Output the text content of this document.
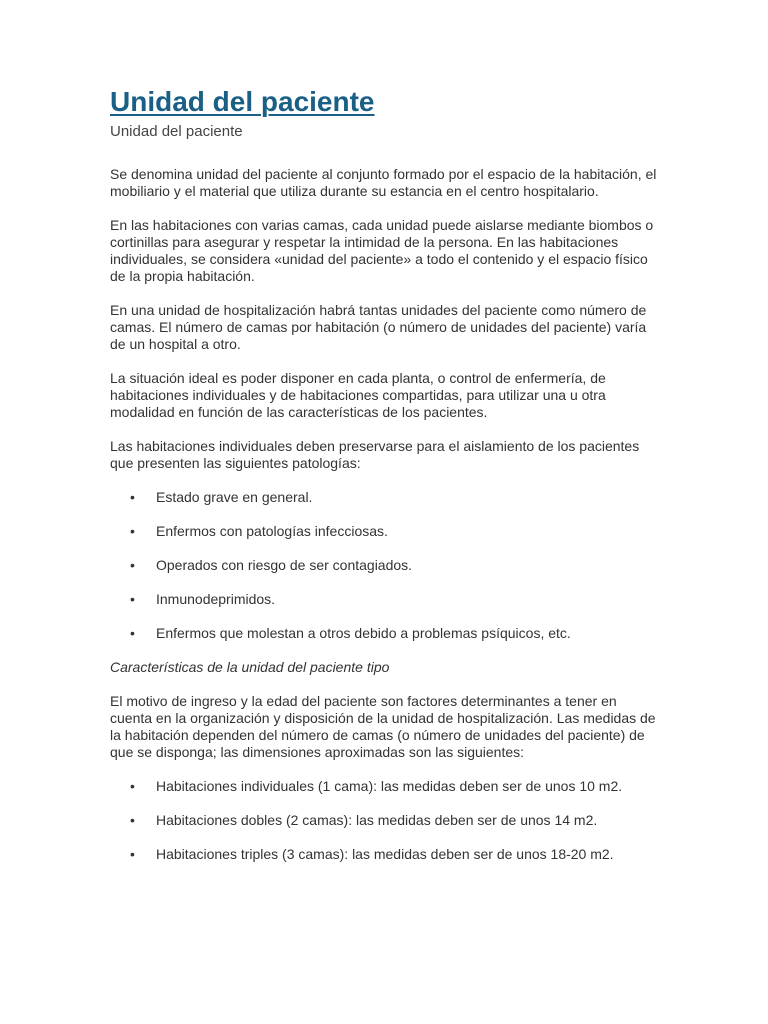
Unidad del paciente
Unidad del paciente

Se denomina unidad del paciente al conjunto formado por el espacio de la habitación, el mobiliario y el material que utiliza durante su estancia en el centro hospitalario.

En las habitaciones con varias camas, cada unidad puede aislarse mediante biombos o cortinillas para asegurar y respetar la intimidad de la persona. En las habitaciones individuales, se considera «unidad del paciente» a todo el contenido y el espacio físico de la propia habitación.

En una unidad de hospitalización habrá tantas unidades del paciente como número de camas. El número de camas por habitación (o número de unidades del paciente) varía de un hospital a otro.

La situación ideal es poder disponer en cada planta, o control de enfermería, de habitaciones individuales y de habitaciones compartidas, para utilizar una u otra modalidad en función de las características de los pacientes.

Las habitaciones individuales deben preservarse para el aislamiento de los pacientes que presenten las siguientes patologías:

• Estado grave en general.
• Enfermos con patologías infecciosas.
• Operados con riesgo de ser contagiados.
• Inmunodeprimidos.
• Enfermos que molestan a otros debido a problemas psíquicos, etc.

Características de la unidad del paciente tipo

El motivo de ingreso y la edad del paciente son factores determinantes a tener en cuenta en la organización y disposición de la unidad de hospitalización. Las medidas de la habitación dependen del número de camas (o número de unidades del paciente) de que se disponga; las dimensiones aproximadas son las siguientes:

• Habitaciones individuales (1 cama): las medidas deben ser de unos 10 m2.
• Habitaciones dobles (2 camas): las medidas deben ser de unos 14 m2.
• Habitaciones triples (3 camas): las medidas deben ser de unos 18-20 m2.
